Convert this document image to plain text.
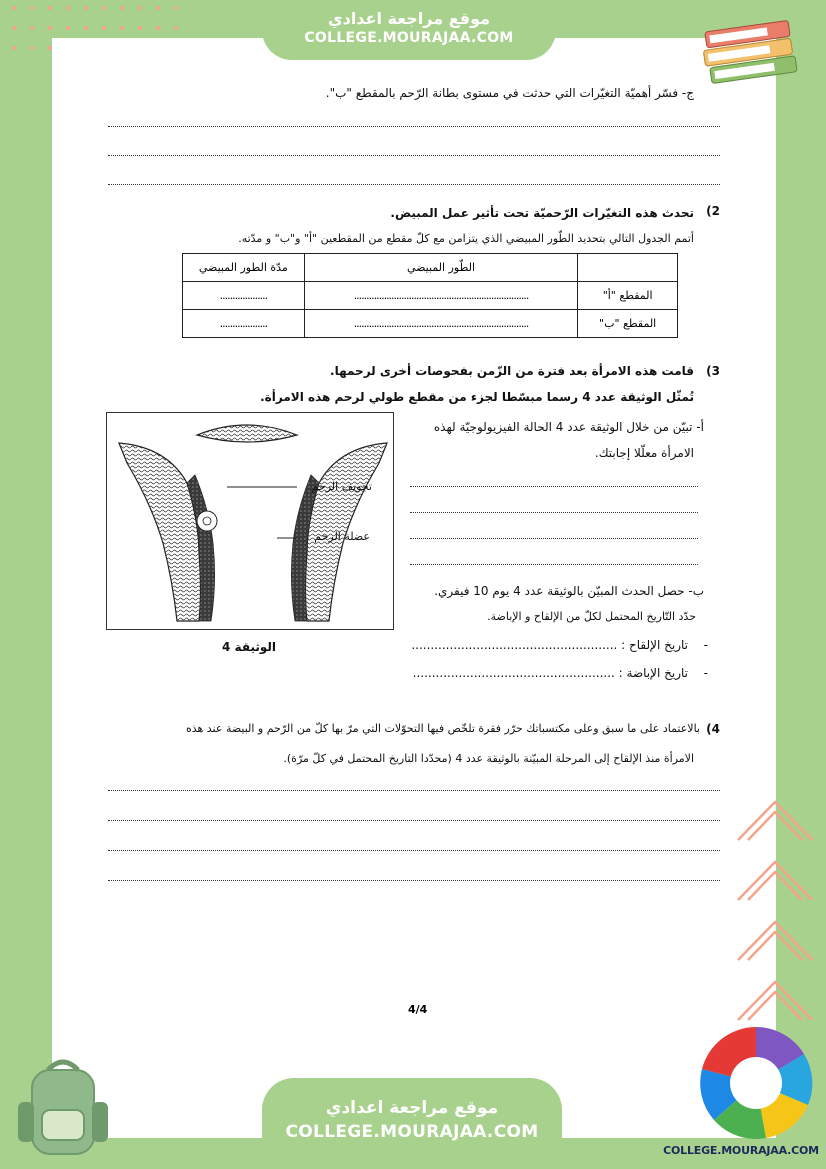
موقع مراجعة اعدادي
COLLEGE.MOURAJAA.COM
ج- فسّر أهميّة التغيّرات التي حدثت في مستوى بطانة الرّحم بالمقطع "ب".
2)
تحدث هذه التغيّرات الرّحميّة تحت تأثير عمل المبيض.
أتمم الجدول التالي بتحديد الطّور المبيضي الذي يتزامن مع كلّ مقطع من المقطعين "أ" و"ب" و مدّته.
	الطّور المبيضي	مدّة الطور المبيضي
المقطع "أ"	......................................................................	...................
المقطع "ب"	......................................................................	...................
3)
قامت هذه الامرأة بعد فترة من الزّمن بفحوصات أخرى لرحمها.
تُمثّل الوثيقة عدد 4 رسما مبسّطا لجزء من مقطع طولي لرحم هذه الامرأة.
تجويف الرحم
عضلة الرحم
الوثيقة 4
أ- تبيّن من خلال الوثيقة عدد 4 الحالة الفيزيولوجيّة لهذه
الامرأة معلّلا إجابتك.
ب- حصل الحدث المبيّن بالوثيقة عدد 4 يوم 10 فيفري.
حدّد التّاريخ المحتمل لكلّ من الإلقاح و الإباضة.
-
تاريخ الإلقاح : ......................................................
-
تاريخ الإباضة : .....................................................
4)
بالاعتماد على ما سبق وعلى مكتسباتك حرّر فقرة تلخّص فيها التحوّلات التي مرّ بها كلّ من الرّحم و البيضة عند هذه
الامرأة منذ الإلقاح إلى المرحلة المبيّنة بالوثيقة عدد 4 (محدّدا التاريخ المحتمل في كلّ مرّة).
4/4
COLLEGE.MOURAJAA.COM
موقع مراجعة اعدادي
COLLEGE.MOURAJAA.COM
